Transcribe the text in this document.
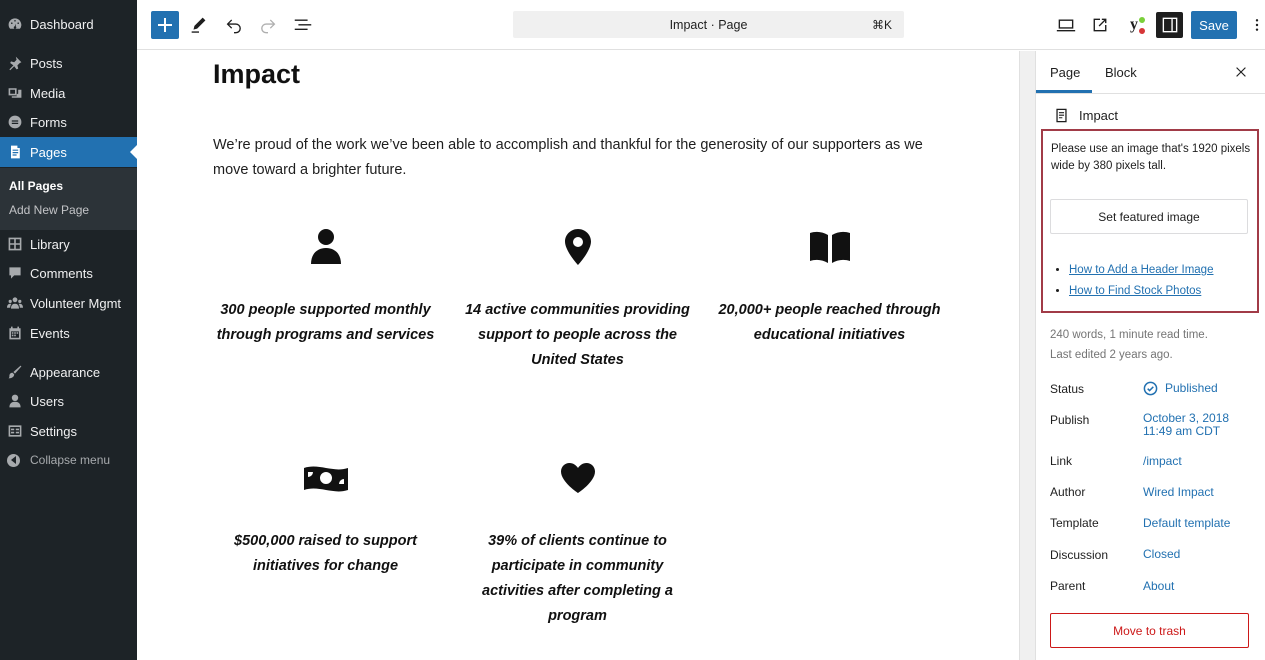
Dashboard
Posts
Media
Forms
Pages
All Pages
Add New Page
Library
Comments
Volunteer Mgmt
Events
Appearance
Users
Settings
Collapse menu
Impact · Page	⌘K	y	Save
Impact

We’re proud of the work we’ve been able to accomplish and thankful for the generosity of our supporters as we move toward a brighter future.

300 people supported monthly through programs and services

14 active communities providing support to people across the United States

20,000+ people reached through educational initiatives

$500,000 raised to support initiatives for change

39% of clients continue to participate in community activities after completing a program

Page Block
Impact

Please use an image that's 1920 pixels wide by 380 pixels tall.

Set featured image
• How to Add a Header Image
• How to Find Stock Photos
240 words, 1 minute read time.
Last edited 2 years ago.
Status	Published
Publish	October 3, 2018
11:49 am CDT
Link	/impact
Author	Wired Impact
Template	Default template
Discussion	Closed
Parent	About
Move to trash
